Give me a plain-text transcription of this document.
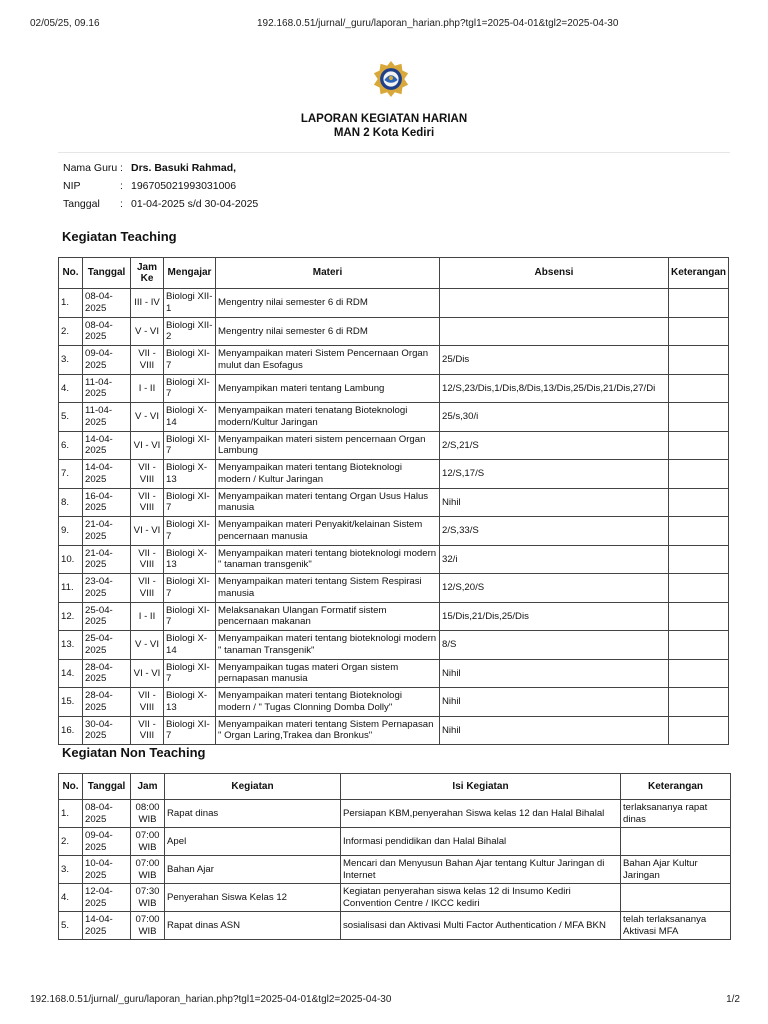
02/05/25, 09.16	192.168.0.51/jurnal/_guru/laporan_harian.php?tgl1=2025-04-01&tgl2=2025-04-30
LAPORAN KEGIATAN HARIAN
MAN 2 Kota Kediri
Nama Guru : Drs. Basuki Rahmad,
NIP	: 196705021993031006
Tanggal	: 01-04-2025 s/d 30-04-2025
Kegiatan Teaching
No.	Tanggal	Jam Ke	Mengajar	Materi	Absensi	Keterangan
1.	08-04-2025	III - IV	Biologi XII-1	Mengentry nilai semester 6 di RDM		
2.	08-04-2025	V - VI	Biologi XII-2	Mengentry nilai semester 6 di RDM		
3.	09-04-2025	VII - VIII	Biologi XI-7	Menyampaikan materi Sistem Pencernaan Organ mulut dan Esofagus	25/Dis	
4.	11-04-2025	I - II	Biologi XI-7	Menyampikan materi tentang Lambung	12/S,23/Dis,1/Dis,8/Dis,13/Dis,25/Dis,21/Dis,27/Di	
5.	11-04-2025	V - VI	Biologi X-14	Menyampaikan materi tenatang Bioteknologi modern/Kultur Jaringan	25/s,30/i	
6.	14-04-2025	VI - VI	Biologi XI-7	Menyampaikan materi sistem pencernaan Organ Lambung	2/S,21/S	
7.	14-04-2025	VII - VIII	Biologi X-13	Menyampaikan materi tentang Bioteknologi modern / Kultur Jaringan	12/S,17/S	
8.	16-04-2025	VII - VIII	Biologi XI-7	Menyampaikan materi tentang Organ Usus Halus manusia	Nihil	
9.	21-04-2025	VI - VI	Biologi XI-7	Menyampaikan materi Penyakit/kelainan Sistem pencernaan manusia	2/S,33/S	
10.	21-04-2025	VII - VIII	Biologi X-13	Menyampaikan materi tentang bioteknologi modern " tanaman transgenik"	32/i	
11.	23-04-2025	VII - VIII	Biologi XI-7	Menyampaikan materi tentang Sistem Respirasi manusia	12/S,20/S	
12.	25-04-2025	I - II	Biologi XI-7	Melaksanakan Ulangan Formatif sistem pencernaan makanan	15/Dis,21/Dis,25/Dis	
13.	25-04-2025	V - VI	Biologi X-14	Menyampaikan materi tentang bioteknologi modern " tanaman Transgenik"	8/S	
14.	28-04-2025	VI - VI	Biologi XI-7	Menyampaikan tugas materi Organ sistem pernapasan manusia	Nihil	
15.	28-04-2025	VII - VIII	Biologi X-13	Menyampaikan materi tentang Bioteknologi modern / " Tugas Clonning Domba Dolly"	Nihil	
16.	30-04-2025	VII - VIII	Biologi XI-7	Menyampaikan materi tentang Sistem Pernapasan " Organ Laring,Trakea dan Bronkus"	Nihil	
Kegiatan Non Teaching
No.	Tanggal	Jam	Kegiatan	Isi Kegiatan	Keterangan
1.	08-04-2025	08:00 WIB	Rapat dinas	Persiapan KBM,penyerahan Siswa kelas 12 dan Halal Bihalal	terlaksananya rapat dinas
2.	09-04-2025	07:00 WIB	Apel	Informasi pendidikan dan Halal Bihalal	
3.	10-04-2025	07:00 WIB	Bahan Ajar	Mencari dan Menyusun Bahan Ajar tentang Kultur Jaringan di Internet	Bahan Ajar Kultur Jaringan
4.	12-04-2025	07:30 WIB	Penyerahan Siswa Kelas 12	Kegiatan penyerahan siswa kelas 12 di Insumo Kediri Convention Centre / IKCC kediri	
5.	14-04-2025	07:00 WIB	Rapat dinas ASN	sosialisasi dan Aktivasi Multi Factor Authentication / MFA BKN	telah terlaksananya Aktivasi MFA
192.168.0.51/jurnal/_guru/laporan_harian.php?tgl1=2025-04-01&tgl2=2025-04-30	1/2
